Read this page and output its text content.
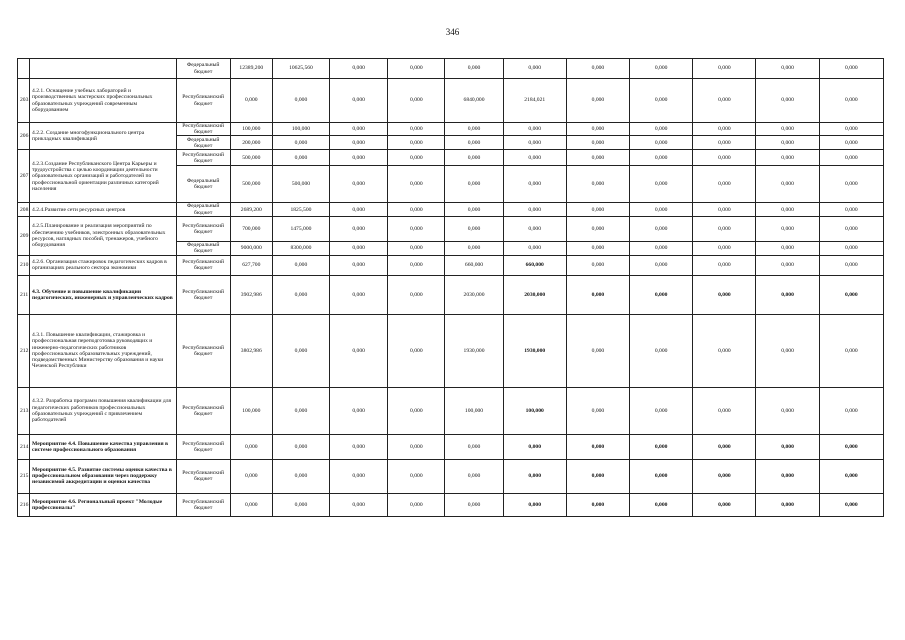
346
		Федеральный бюджет	12389,200	10625,560	0,000	0,000	0,000	0,000	0,000	0,000	0,000	0,000	0,000
203	4.2.1. Оснащение учебных лабораторий и производственных мастерских профессиональных образовательных учреждений современным оборудованием	Республиканский бюджет	0,000	0,000	0,000	0,000	6840,000	2184,021	0,000	0,000	0,000	0,000	0,000
206	4.2.2. Создание многофункционального центра прикладных квалификаций	Республиканский бюджет	100,000	100,000	0,000	0,000	0,000	0,000	0,000	0,000	0,000	0,000	0,000
		Федеральный бюджет	200,000	0,000	0,000	0,000	0,000	0,000	0,000	0,000	0,000	0,000	0,000
207	4.2.3.Создание Республиканского Центра Карьеры и трудоустройства с целью координации деятельности образовательных организаций и работодателей по профессиональной ориентации различных категорий населения	Республиканский бюджет	500,000	0,000	0,000	0,000	0,000	0,000	0,000	0,000	0,000	0,000	0,000
		Федеральный бюджет	500,000	500,000	0,000	0,000	0,000	0,000	0,000	0,000	0,000	0,000	0,000
208	4.2.4.Развитие сети ресурсных центров	Федеральный бюджет	2689,200	1825,500	0,000	0,000	0,000	0,000	0,000	0,000	0,000	0,000	0,000
209	4.2.5.Планирование и реализация мероприятий по обеспечению учебников, электронных образовательных ресурсов, наглядных пособий, тренажеров, учебного оборудования	Республиканский бюджет	700,000	1475,000	0,000	0,000	0,000	0,000	0,000	0,000	0,000	0,000	0,000
		Федеральный бюджет	9000,000	8300,000	0,000	0,000	0,000	0,000	0,000	0,000	0,000	0,000	0,000
210	4.2.6. Организация стажировок педагогических кадров в организациях реального сектора экономики	Республиканский бюджет	627,700	0,000	0,000	0,000	660,000	660,000	0,000	0,000	0,000	0,000	0,000
211	4.3. Обучение и повышение квалификации педагогических, инженерных и управленческих кадров	Республиканский бюджет	3902,986	0,000	0,000	0,000	2030,000	2030,000	0,000	0,000	0,000	0,000	0,000
212	4.3.1. Повышение квалификации, стажировка и профессиональная переподготовка руководящих и инженерно-педагогических работников профессиональных образовательных учреждений, подведомственных Министерству образования и науки Чеченской Республики	Республиканский бюджет	3802,986	0,000	0,000	0,000	1930,000	1930,000	0,000	0,000	0,000	0,000	0,000
213	4.3.2. Разработка программ повышения квалификации для педагогических работников профессиональных образовательных учреждений с привлечением работодателей	Республиканский бюджет	100,000	0,000	0,000	0,000	100,000	100,000	0,000	0,000	0,000	0,000	0,000
214	Мероприятие 4.4. Повышение качества управления в системе профессионального образования	Республиканский бюджет	0,000	0,000	0,000	0,000	0,000	0,000	0,000	0,000	0,000	0,000	0,000
215	Мероприятие 4.5. Развитие системы оценки качества в профессиональном образовании через поддержку независимой аккредитации и оценки качества	Республиканский бюджет	0,000	0,000	0,000	0,000	0,000	0,000	0,000	0,000	0,000	0,000	0,000
216	Мероприятие 4.6. Региональный проект "Молодые профессионалы"	Республиканский бюджет	0,000	0,000	0,000	0,000	0,000	0,000	0,000	0,000	0,000	0,000	0,000
